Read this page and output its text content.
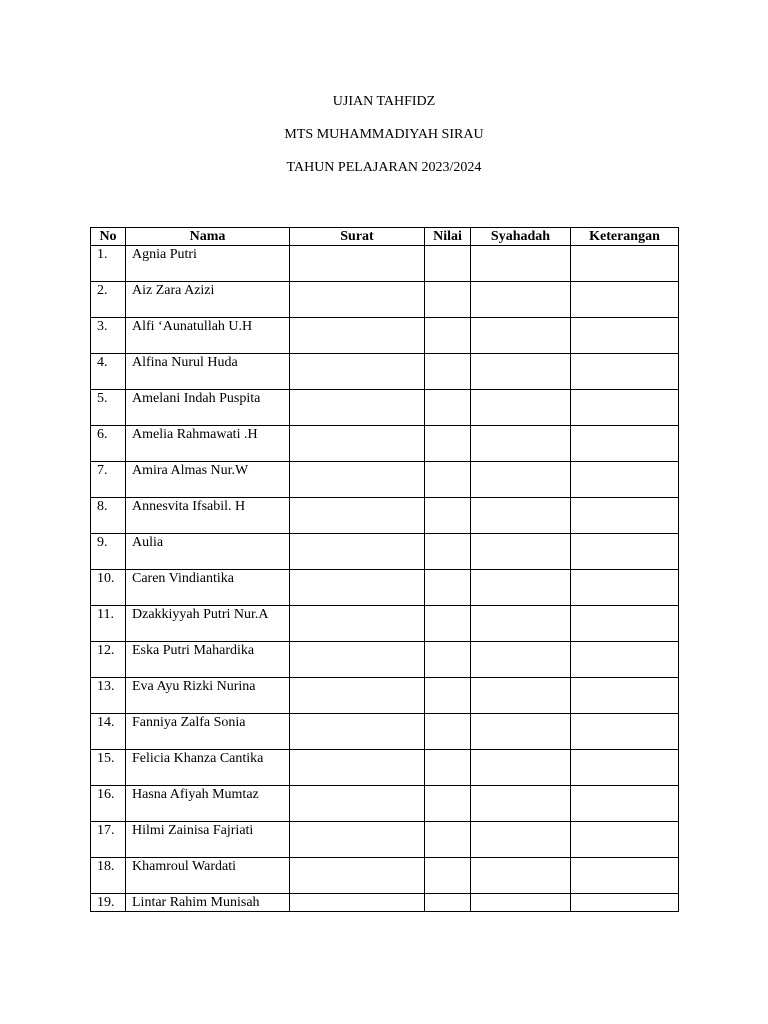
UJIAN TAHFIDZ
MTS MUHAMMADIYAH SIRAU
TAHUN PELAJARAN 2023/2024
No	Nama	Surat	Nilai	Syahadah	Keterangan
1.	Agnia Putri				
2.	Aiz Zara Azizi				
3.	Alfi ‘Aunatullah U.H				
4.	Alfina Nurul Huda				
5.	Amelani Indah Puspita				
6.	Amelia Rahmawati .H				
7.	Amira Almas Nur.W				
8.	Annesvita Ifsabil. H				
9.	Aulia				
10.	Caren Vindiantika				
11.	Dzakkiyyah Putri Nur.A				
12.	Eska Putri Mahardika				
13.	Eva Ayu Rizki Nurina				
14.	Fanniya Zalfa Sonia				
15.	Felicia Khanza Cantika				
16.	Hasna Afiyah Mumtaz				
17.	Hilmi Zainisa Fajriati				
18.	Khamroul Wardati				
19.	Lintar Rahim Munisah				
